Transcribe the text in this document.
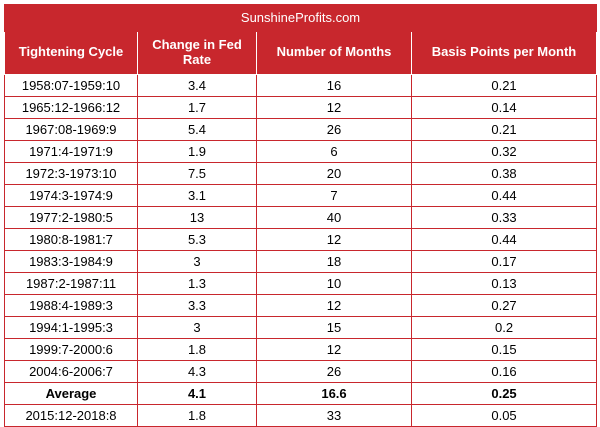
SunshineProfits.com			
Tightening Cycle	Change in Fed Rate	Number of Months	Basis Points per Month
1958:07-1959:10	3.4	16	0.21
1965:12-1966:12	1.7	12	0.14
1967:08-1969:9	5.4	26	0.21
1971:4-1971:9	1.9	6	0.32
1972:3-1973:10	7.5	20	0.38
1974:3-1974:9	3.1	7	0.44
1977:2-1980:5	13	40	0.33
1980:8-1981:7	5.3	12	0.44
1983:3-1984:9	3	18	0.17
1987:2-1987:11	1.3	10	0.13
1988:4-1989:3	3.3	12	0.27
1994:1-1995:3	3	15	0.2
1999:7-2000:6	1.8	12	0.15
2004:6-2006:7	4.3	26	0.16
Average	4.1	16.6	0.25
2015:12-2018:8	1.8	33	0.05
